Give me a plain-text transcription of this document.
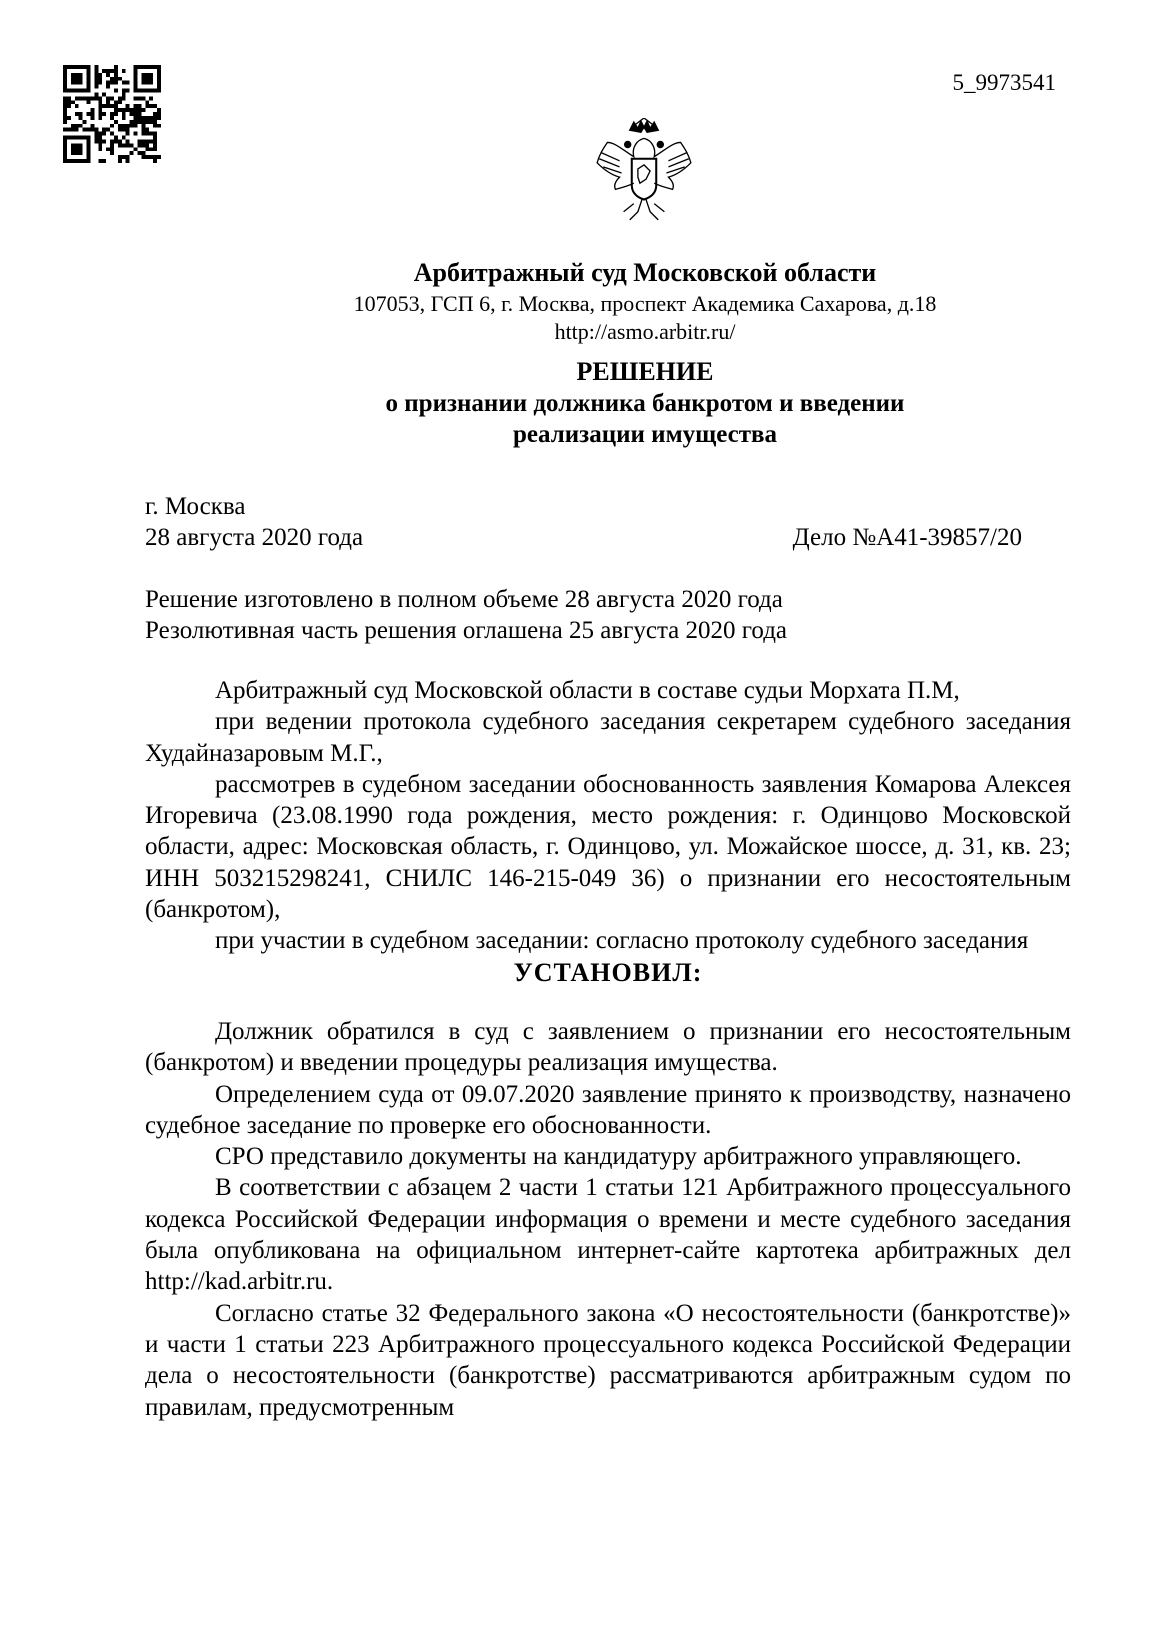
5_9973541
Арбитражный суд Московской области
107053, ГСП 6, г. Москва, проспект Академика Сахарова, д.18
http://asmo.arbitr.ru/
РЕШЕНИЕ
о признании должника банкротом и введении
реализации имущества
г. Москва
28 августа 2020 года	Дело №А41-39857/20
Решение изготовлено в полном объеме 28 августа 2020 года
Резолютивная часть решения оглашена 25 августа 2020 года

Арбитражный суд Московской области в составе судьи Морхата П.М,

при ведении протокола судебного заседания секретарем судебного заседания Худайназаровым М.Г.,

рассмотрев в судебном заседании обоснованность заявления Комарова Алексея Игоревича (23.08.1990 года рождения, место рождения: г. Одинцово Московской области, адрес: Московская область, г. Одинцово, ул. Можайское шоссе, д. 31, кв. 23; ИНН 503215298241, СНИЛС 146-215-049 36) о признании его несостоятельным (банкротом),

при участии в судебном заседании: согласно протоколу судебного заседания

УСТАНОВИЛ:

Должник обратился в суд с заявлением о признании его несостоятельным (банкротом) и введении процедуры реализация имущества.

Определением суда от 09.07.2020 заявление принято к производству, назначено судебное заседание по проверке его обоснованности.

СРО представило документы на кандидатуру арбитражного управляющего.

В соответствии с абзацем 2 части 1 статьи 121 Арбитражного процессуального кодекса Российской Федерации информация о времени и месте судебного заседания была опубликована на официальном интернет-сайте картотека арбитражных дел http://kad.arbitr.ru.

Согласно статье 32 Федерального закона «О несостоятельности (банкротстве)» и части 1 статьи 223 Арбитражного процессуального кодекса Российской Федерации дела о несостоятельности (банкротстве) рассматриваются арбитражным судом по правилам, предусмотренным
